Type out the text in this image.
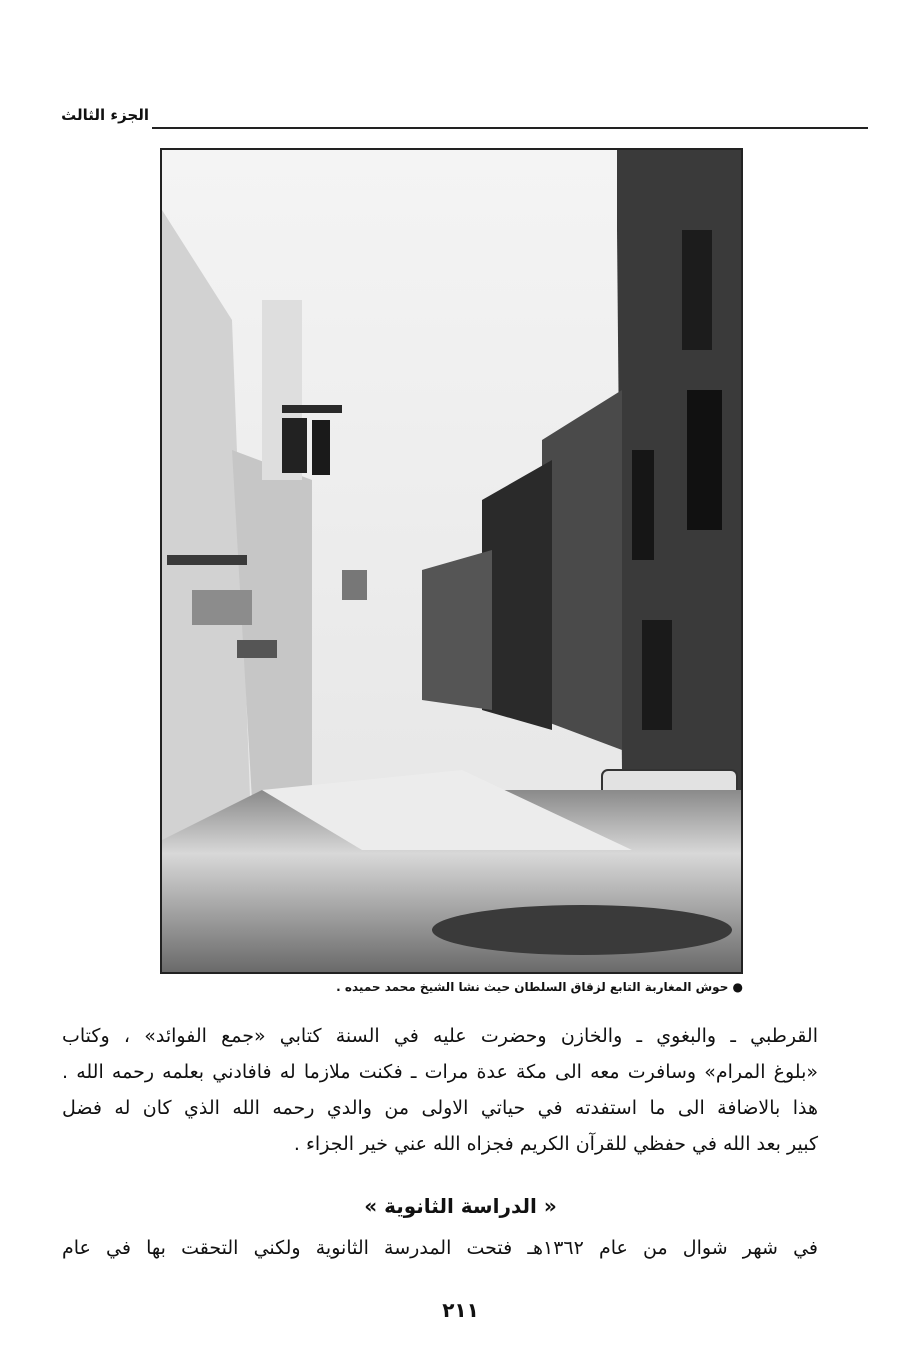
الجزء الثالث
● حوش المغاربة التابع لزقاق السلطان حيث نشا الشيخ محمد حميده .
القرطبي ـ والبغوي ـ والخازن وحضرت عليه في السنة كتابي «جمع الفوائد» ، وكتاب
«بلوغ المرام» وسافرت معه الى مكة عدة مرات ـ فكنت ملازما له فافادني بعلمه رحمه الله .
هذا بالاضافة الى ما استفدته في حياتي الاولى من والدي رحمه الله الذي كان له فضل
كبير بعد الله في حفظي للقرآن الكريم فجزاه الله عني خير الجزاء .
« الدراسة الثانوية »
في شهر شوال من عام ١٣٦٢هـ فتحت المدرسة الثانوية ولكني التحقت بها في عام
٢١١
